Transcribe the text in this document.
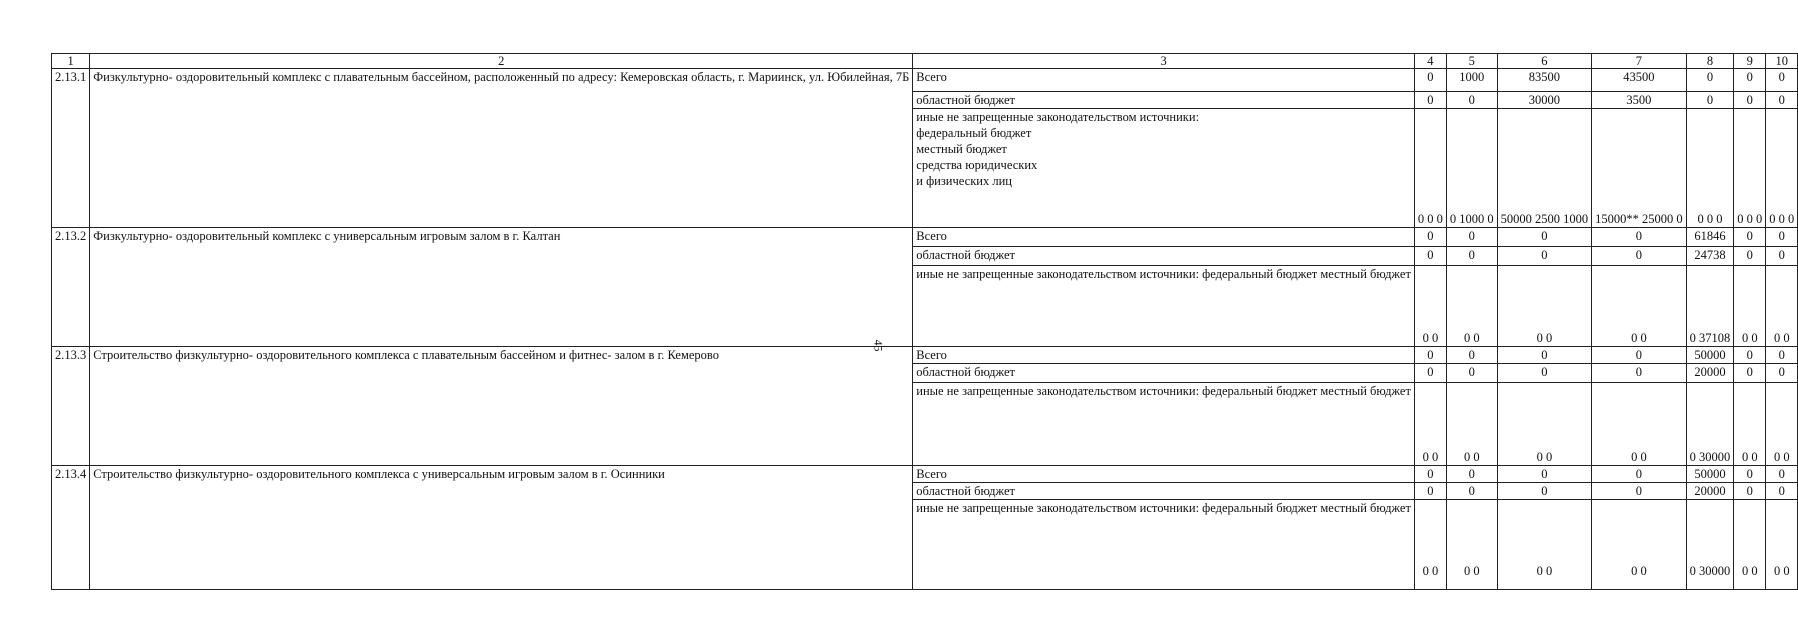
1	2	3	4	5	6	7	8	9	10
2.13.1	Физкультурно- оздоровительный комплекс с плавательным бассейном, расположенный по адресу: Кемеровская область, г. Мариинск, ул. Юбилейная, 7Б	Всего	0	1000	83500	43500	0	0	0
		областной бюджет	0	0	30000	3500	0	0	0
		иные не запрещенные законодательством источники:
федеральный бюджет
местный бюджет
средства юридических
и физических лиц	0 0 0	0 1000 0	50000 2500 1000	15000** 25000 0	0 0 0	0 0 0	0 0 0
2.13.2	Физкультурно- оздоровительный комплекс с универсальным игровым залом в г. Калтан	Всего	0	0	0	0	61846	0	0
		областной бюджет	0	0	0	0	24738	0	0
		иные не запрещенные законодательством источники: федеральный бюджет местный бюджет	0 0	0 0	0 0	0 0	0 37108	0 0	0 0
2.13.3	Строительство физкультурно- оздоровительного комплекса с плавательным бассейном и фитнес- залом в г. Кемерово	Всего	0	0	0	0	50000	0	0
		областной бюджет	0	0	0	0	20000	0	0
		иные не запрещенные законодательством источники: федеральный бюджет местный бюджет	0 0	0 0	0 0	0 0	0 30000	0 0	0 0
2.13.4	Строительство физкультурно- оздоровительного комплекса с универсальным игровым залом в г. Осинники	Всего	0	0	0	0	50000	0	0
		областной бюджет	0	0	0	0	20000	0	0
		иные не запрещенные законодательством источники: федеральный бюджет местный бюджет	0 0	0 0	0 0	0 0	0 30000	0 0	0 0
45
